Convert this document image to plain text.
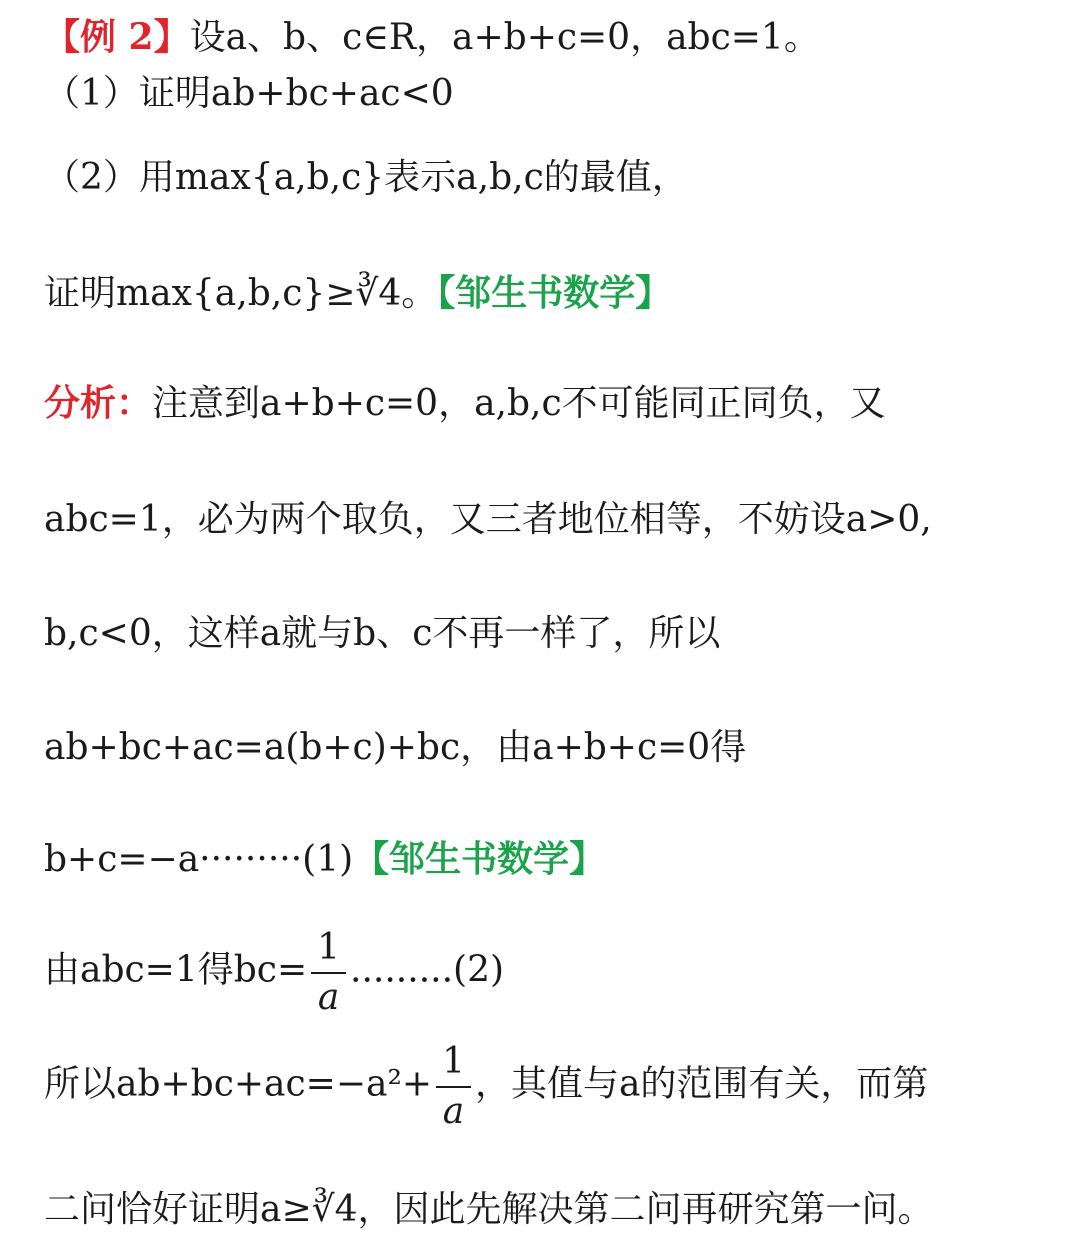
【例 2】设a、b、c∈R，a+b+c=0，abc=1。
（1）证明ab+bc+ac<0
（2）用max{a,b,c}表示a,b,c的最值，
证明max{a,b,c}≥∛4。【邹生书数学】
分析：注意到a+b+c=0，a,b,c不可能同正同负，又
abc=1，必为两个取负，又三者地位相等，不妨设a>0,
b,c<0，这样a就与b、c不再一样了，所以
ab+bc+ac=a(b+c)+bc，由a+b+c=0得
b+c=−a·········(1)【邹生书数学】
由abc=1得$bc= \frac{1}{a} .........(2)$
所以$ab+bc+ac=-a^2+ \frac{1}{a}$ ，其值与a的范围有关，而第
二问恰好证明a≥∛4，因此先解决第二问再研究第一问。
